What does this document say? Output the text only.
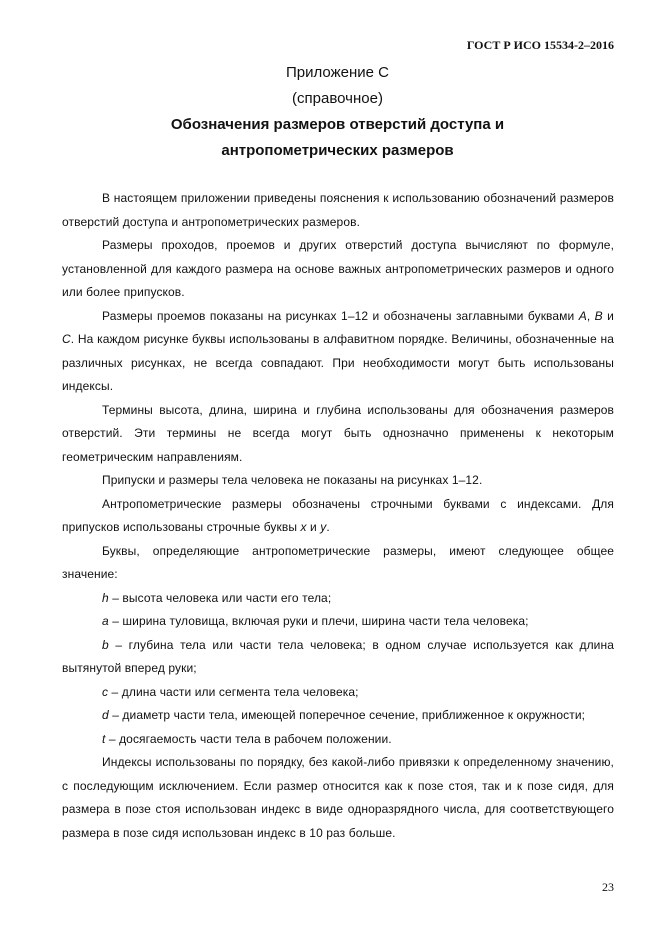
ГОСТ Р ИСО 15534-2–2016
Приложение С
(справочное)
Обозначения размеров отверстий доступа и
антропометрических размеров

В настоящем приложении приведены пояснения к использованию обозначений размеров отверстий доступа и антропометрических размеров.

Размеры проходов, проемов и других отверстий доступа вычисляют по формуле, установленной для каждого размера на основе важных антропометрических размеров и одного или более припусков.

Размеры проемов показаны на рисунках 1–12 и обозначены заглавными буквами A, B и C. На каждом рисунке буквы использованы в алфавитном порядке. Величины, обозначенные на различных рисунках, не всегда совпадают. При необходимости могут быть использованы индексы.

Термины высота, длина, ширина и глубина использованы для обозначения размеров отверстий. Эти термины не всегда могут быть однозначно применены к некоторым геометрическим направлениям.

Припуски и размеры тела человека не показаны на рисунках 1–12.

Антропометрические размеры обозначены строчными буквами с индексами. Для припусков использованы строчные буквы x и y.

Буквы, определяющие антропометрические размеры, имеют следующее общее значение:

h – высота человека или части его тела;

a – ширина туловища, включая руки и плечи, ширина части тела человека;

b – глубина тела или части тела человека; в одном случае используется как длина вытянутой вперед руки;

c – длина части или сегмента тела человека;

d – диаметр части тела, имеющей поперечное сечение, приближенное к окружности;

t – досягаемость части тела в рабочем положении.

Индексы использованы по порядку, без какой-либо привязки к определенному значению, с последующим исключением. Если размер относится как к позе стоя, так и к позе сидя, для размера в позе стоя использован индекс в виде одноразрядного числа, для соответствующего размера в позе сидя использован индекс в 10 раз больше.

23
